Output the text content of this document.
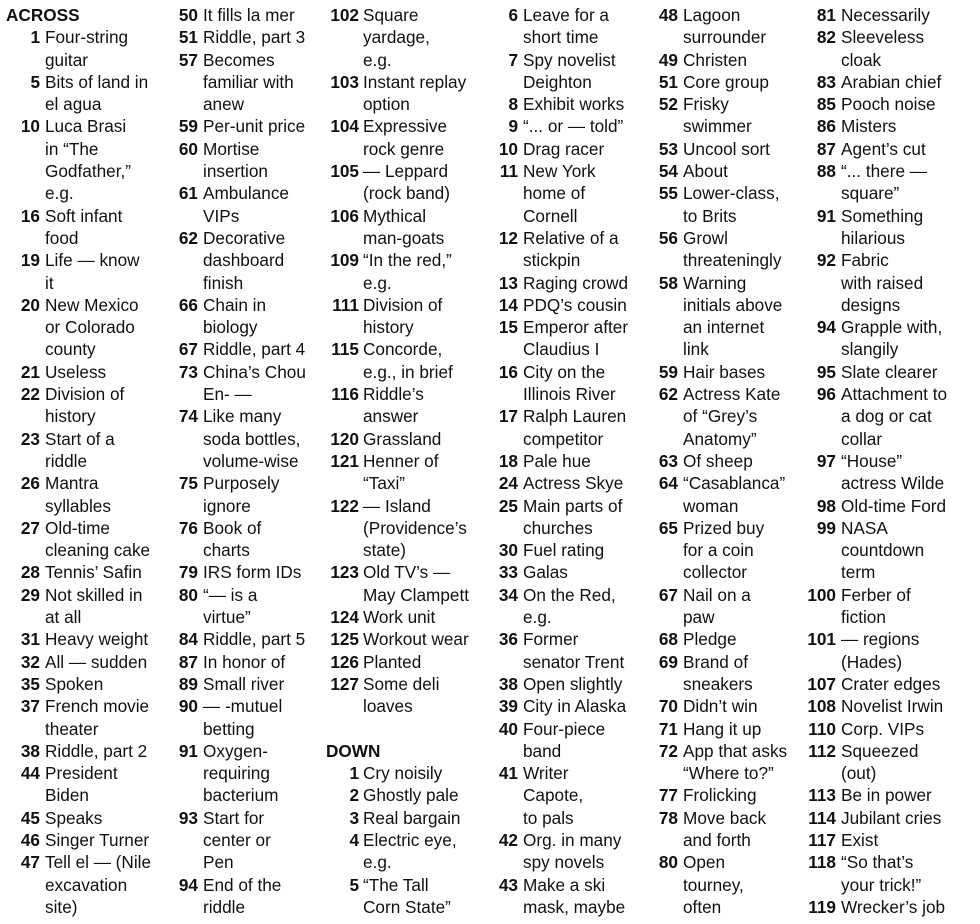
ACROSS
1 Four-string
guitar
5 Bits of land in
el agua
10 Luca Brasi
in “The
Godfather,”
e.g.
16 Soft infant
food
19 Life — know
it
20 New Mexico
or Colorado
county
21 Useless
22 Division of
history
23 Start of a
riddle
26 Mantra
syllables
27 Old-time
cleaning cake
28 Tennis’ Safin
29 Not skilled in
at all
31 Heavy weight
32 All — sudden
35 Spoken
37 French movie
theater
38 Riddle, part 2
44 President
Biden
45 Speaks
46 Singer Turner
47 Tell el — (Nile
excavation
site)
50 It fills la mer
51 Riddle, part 3
57 Becomes
familiar with
anew
59 Per-unit price
60 Mortise
insertion
61 Ambulance
VIPs
62 Decorative
dashboard
finish
66 Chain in
biology
67 Riddle, part 4
73 China’s Chou
En- —
74 Like many
soda bottles,
volume-wise
75 Purposely
ignore
76 Book of
charts
79 IRS form IDs
80 “— is a
virtue”
84 Riddle, part 5
87 In honor of
89 Small river
90 — -mutuel
betting
91 Oxygen-
requiring
bacterium
93 Start for
center or
Pen
94 End of the
riddle
102 Square
yardage,
e.g.
103 Instant replay
option
104 Expressive
rock genre
105 — Leppard
(rock band)
106 Mythical
man-goats
109 “In the red,”
e.g.
111 Division of
history
115 Concorde,
e.g., in brief
116 Riddle’s
answer
120 Grassland
121 Henner of
“Taxi”
122 — Island
(Providence’s
state)
123 Old TV’s —
May Clampett
124 Work unit
125 Workout wear
126 Planted
127 Some deli
loaves
DOWN
1 Cry noisily
2 Ghostly pale
3 Real bargain
4 Electric eye,
e.g.
5 “The Tall
Corn State”
6 Leave for a
short time
7 Spy novelist
Deighton
8 Exhibit works
9 “... or — told”
10 Drag racer
11 New York
home of
Cornell
12 Relative of a
stickpin
13 Raging crowd
14 PDQ’s cousin
15 Emperor after
Claudius I
16 City on the
Illinois River
17 Ralph Lauren
competitor
18 Pale hue
24 Actress Skye
25 Main parts of
churches
30 Fuel rating
33 Galas
34 On the Red,
e.g.
36 Former
senator Trent
38 Open slightly
39 City in Alaska
40 Four-piece
band
41 Writer
Capote,
to pals
42 Org. in many
spy novels
43 Make a ski
mask, maybe
48 Lagoon
surrounder
49 Christen
51 Core group
52 Frisky
swimmer
53 Uncool sort
54 About
55 Lower-class,
to Brits
56 Growl
threateningly
58 Warning
initials above
an internet
link
59 Hair bases
62 Actress Kate
of “Grey’s
Anatomy”
63 Of sheep
64 “Casablanca”
woman
65 Prized buy
for a coin
collector
67 Nail on a
paw
68 Pledge
69 Brand of
sneakers
70 Didn’t win
71 Hang it up
72 App that asks
“Where to?”
77 Frolicking
78 Move back
and forth
80 Open
tourney,
often
81 Necessarily
82 Sleeveless
cloak
83 Arabian chief
85 Pooch noise
86 Misters
87 Agent’s cut
88 “... there —
square”
91 Something
hilarious
92 Fabric
with raised
designs
94 Grapple with,
slangily
95 Slate clearer
96 Attachment to
a dog or cat
collar
97 “House”
actress Wilde
98 Old-time Ford
99 NASA
countdown
term
100 Ferber of
fiction
101 — regions
(Hades)
107 Crater edges
108 Novelist Irwin
110 Corp. VIPs
112 Squeezed
(out)
113 Be in power
114 Jubilant cries
117 Exist
118 “So that’s
your trick!”
119 Wrecker’s job
